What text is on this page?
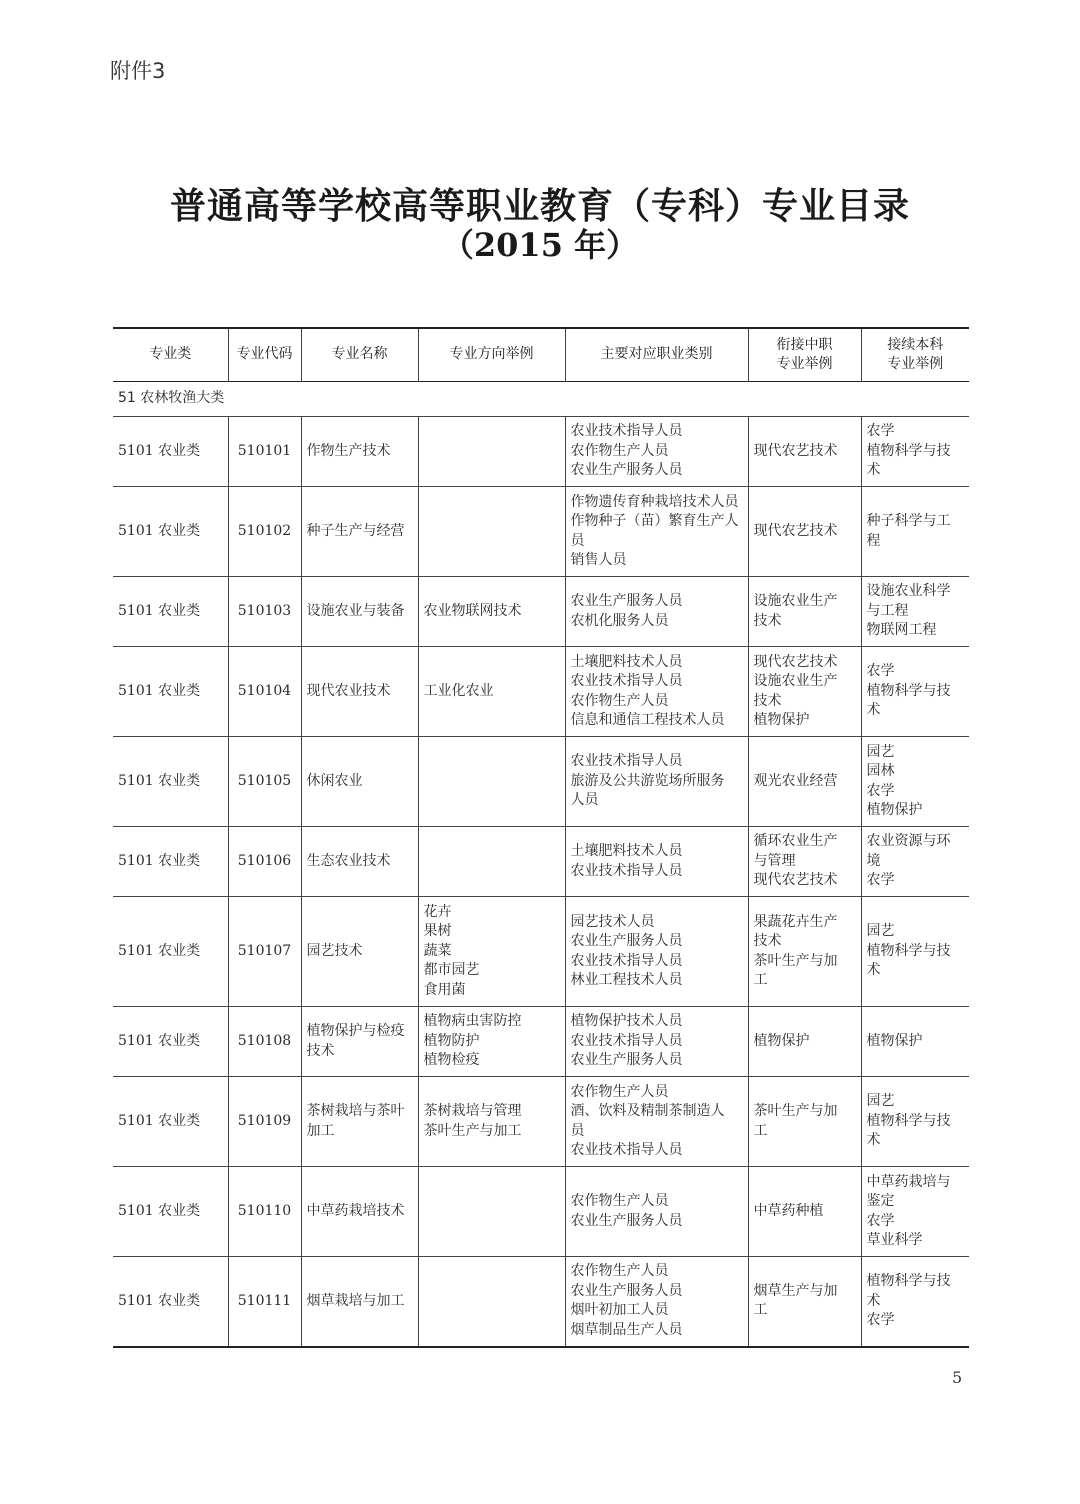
附件3
普通高等学校高等职业教育（专科）专业目录
（2015 年）
专业类	专业代码	专业名称	专业方向举例	主要对应职业类别	衔接中职
专业举例	接续本科
专业举例

51 农林牧渔大类						
5101 农业类	510101	作物生产技术		农业技术指导人员
农作物生产人员
农业生产服务人员	现代农艺技术	农学
植物科学与技
术

5101 农业类	510102	种子生产与经营		作物遗传育种栽培技术人员
作物种子（苗）繁育生产人
员
销售人员	现代农艺技术	种子科学与工
程

5101 农业类	510103	设施农业与装备	农业物联网技术	农业生产服务人员
农机化服务人员	设施农业生产
技术	设施农业科学
与工程
物联网工程

5101 农业类	510104	现代农业技术	工业化农业	土壤肥料技术人员
农业技术指导人员
农作物生产人员
信息和通信工程技术人员	现代农艺技术
设施农业生产
技术
植物保护	农学
植物科学与技
术

5101 农业类	510105	休闲农业		农业技术指导人员
旅游及公共游览场所服务
人员	观光农业经营	园艺
园林
农学
植物保护

5101 农业类	510106	生态农业技术		土壤肥料技术人员
农业技术指导人员	循环农业生产
与管理
现代农艺技术	农业资源与环
境
农学

5101 农业类	510107	园艺技术	花卉
果树
蔬菜
都市园艺
食用菌	园艺技术人员
农业生产服务人员
农业技术指导人员
林业工程技术人员	果蔬花卉生产
技术
茶叶生产与加
工	园艺
植物科学与技
术

5101 农业类	510108	植物保护与检疫
技术	植物病虫害防控
植物防护
植物检疫	植物保护技术人员
农业技术指导人员
农业生产服务人员	植物保护	植物保护

5101 农业类	510109	茶树栽培与茶叶
加工	茶树栽培与管理
茶叶生产与加工	农作物生产人员
酒、饮料及精制茶制造人
员
农业技术指导人员	茶叶生产与加
工	园艺
植物科学与技
术

5101 农业类	510110	中草药栽培技术		农作物生产人员
农业生产服务人员	中草药种植	中草药栽培与
鉴定
农学
草业科学

5101 农业类	510111	烟草栽培与加工		农作物生产人员
农业生产服务人员
烟叶初加工人员
烟草制品生产人员	烟草生产与加
工	植物科学与技
术
农学
5
